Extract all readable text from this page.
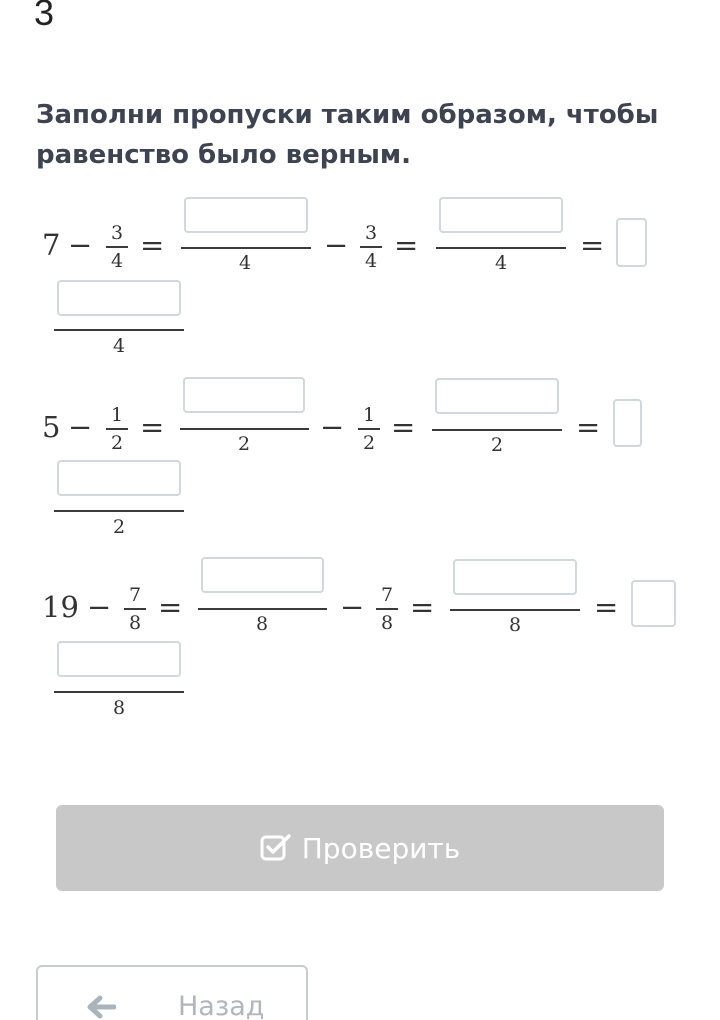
3
Заполни пропуски таким образом, чтобы равенство было верным.
7 − 3
4 =
4
− 3
4 =
4
=
4
5 − 1
2 =	2 − 1
2 =
2
=
2
19 − 7
8 =	8 − 7
8 =
8
=
8
Проверить
Назад
